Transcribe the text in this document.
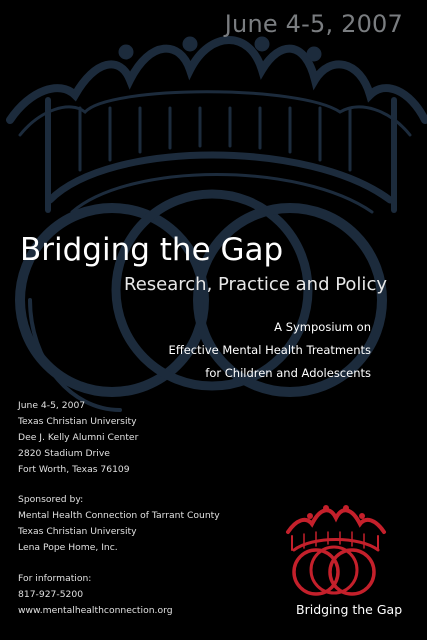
June 4-5, 2007
Bridging the Gap
Research, Practice and Policy
A Symposium on
Effective Mental Health Treatments
for Children and Adolescents
June 4-5, 2007
Texas Christian University
Dee J. Kelly Alumni Center
2820 Stadium Drive
Fort Worth, Texas 76109
Sponsored by:
Mental Health Connection of Tarrant County
Texas Christian University
Lena Pope Home, Inc.
For information:
817-927-5200
www.mentalhealthconnection.org	Bridging the Gap
